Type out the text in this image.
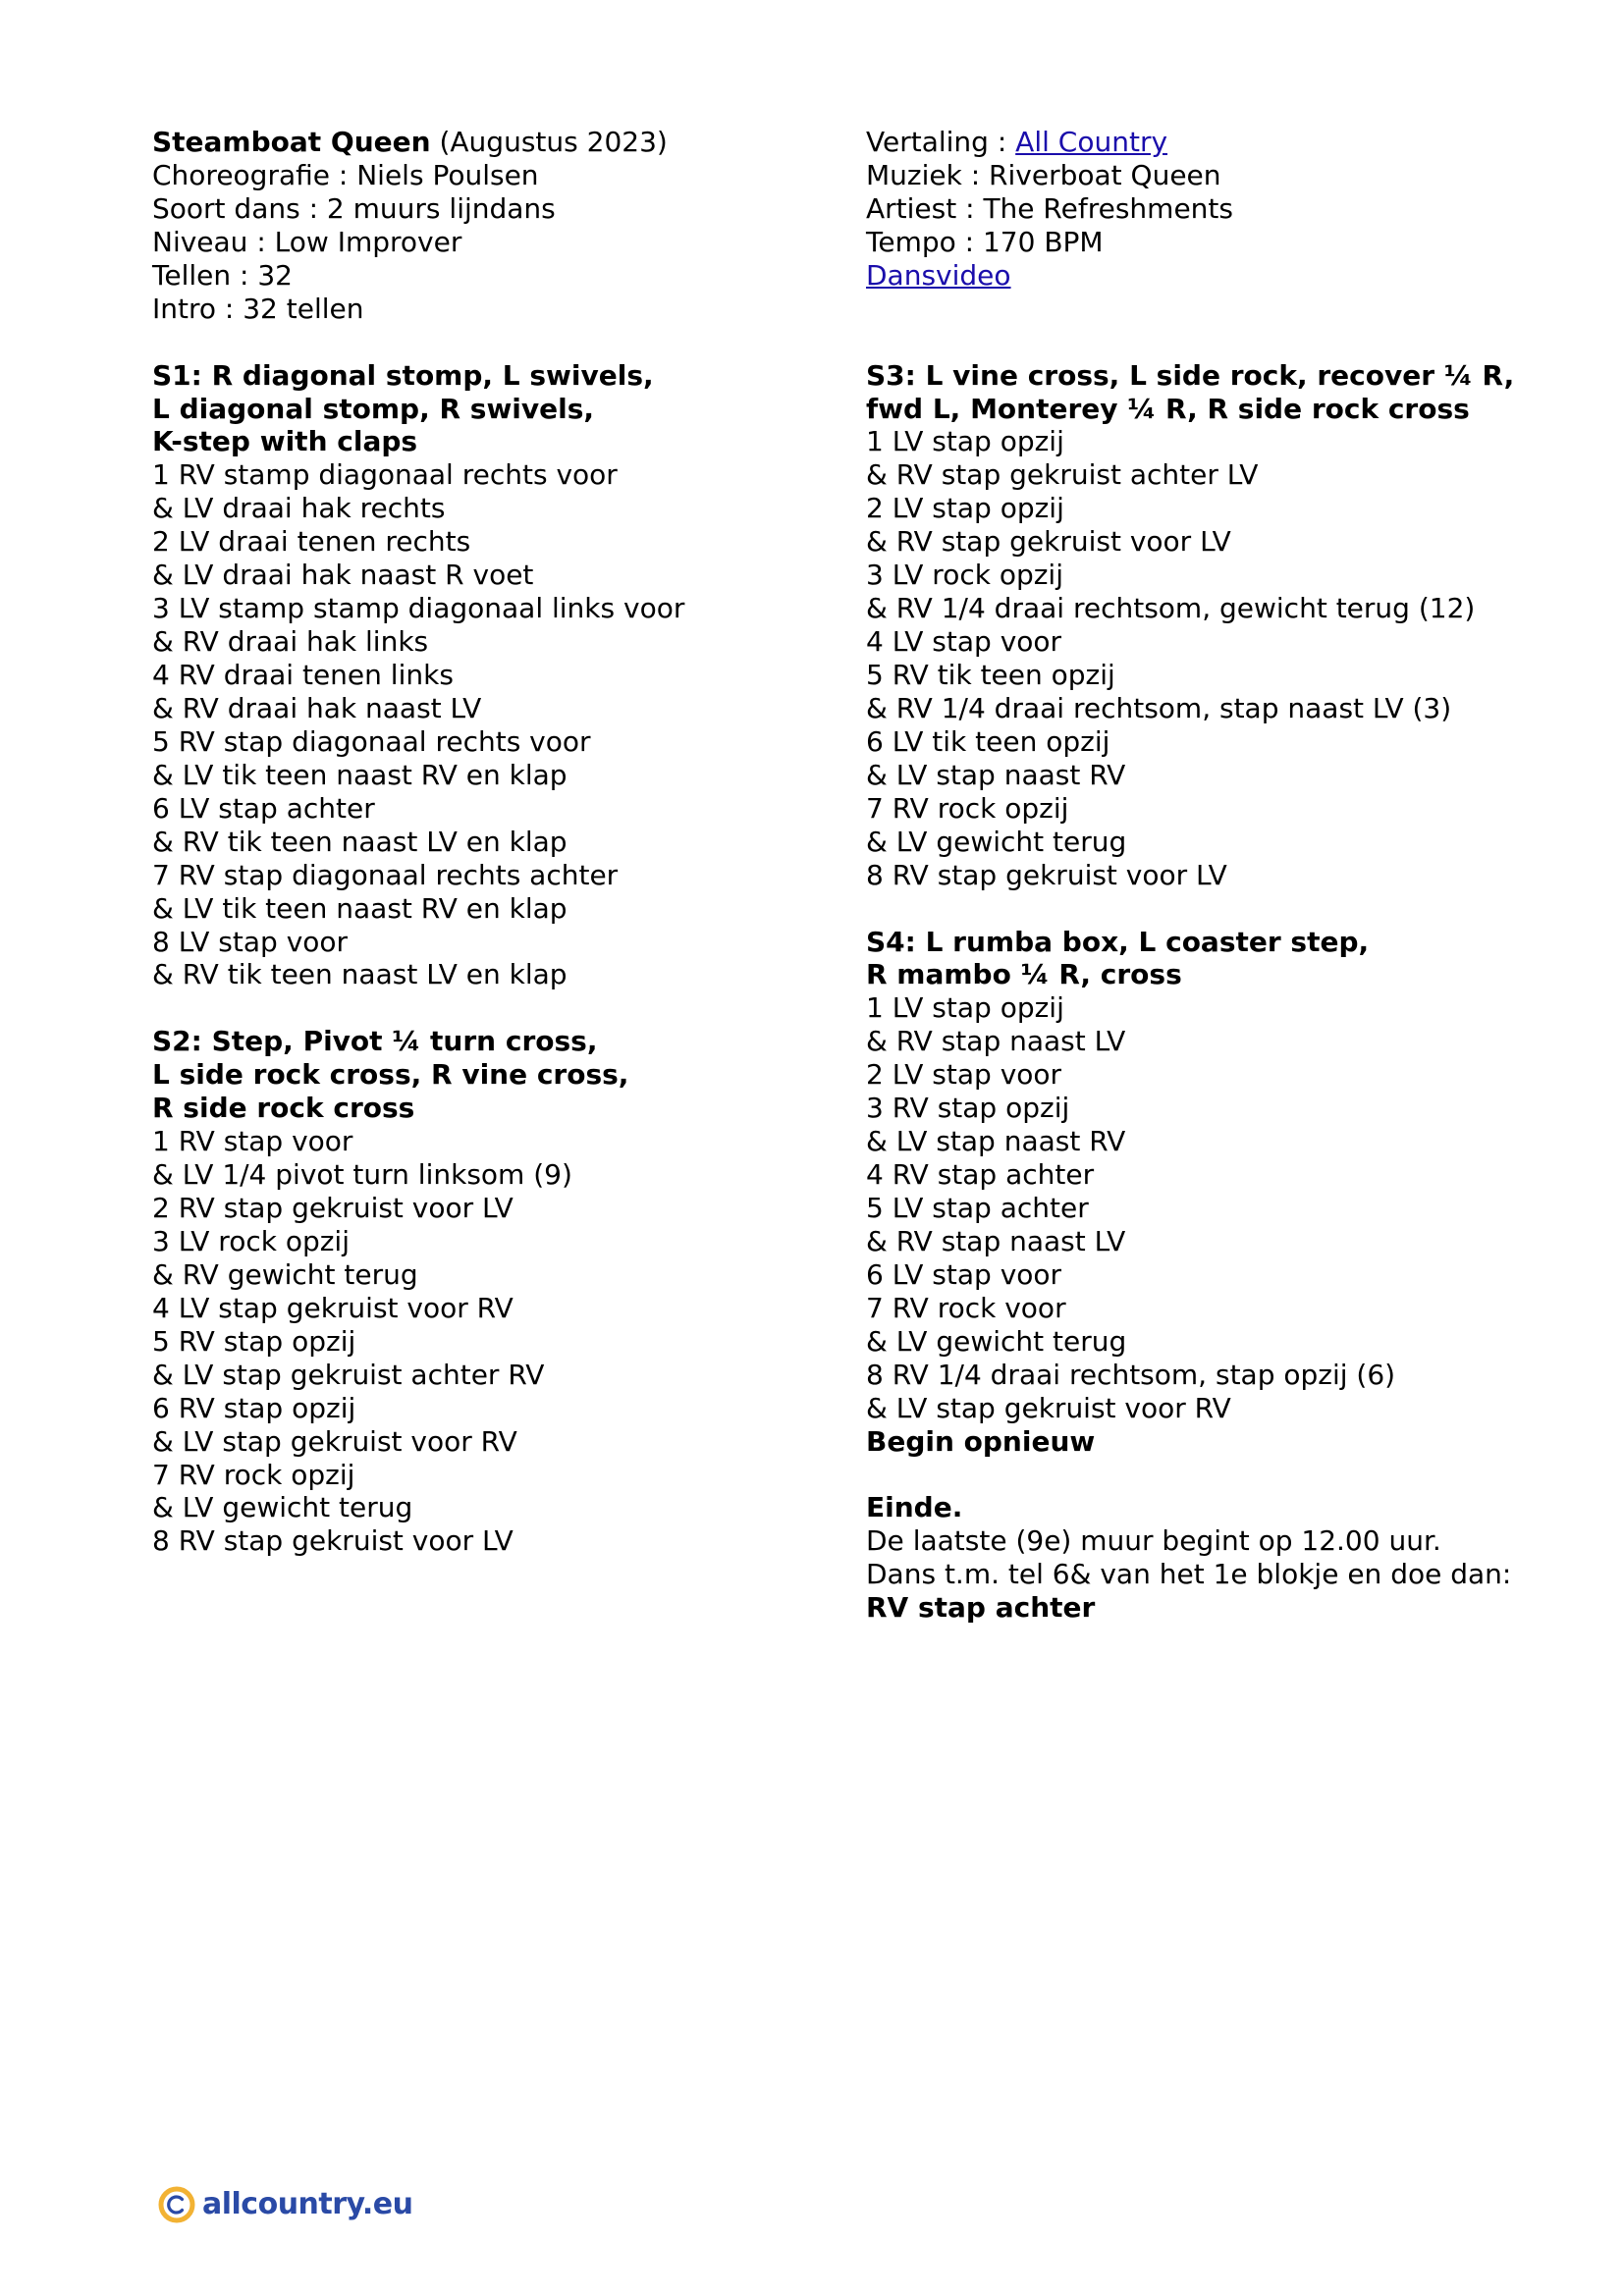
Steamboat Queen (Augustus 2023)
Choreografie : Niels Poulsen
Soort dans : 2 muurs lijndans
Niveau : Low Improver
Tellen : 32
Intro : 32 tellen
S1: R diagonal stomp, L swivels,
L diagonal stomp, R swivels,
K-step with claps
1 RV stamp diagonaal rechts voor
& LV draai hak rechts
2 LV draai tenen rechts
& LV draai hak naast R voet
3 LV stamp stamp diagonaal links voor
& RV draai hak links
4 RV draai tenen links
& RV draai hak naast LV
5 RV stap diagonaal rechts voor
& LV tik teen naast RV en klap
6 LV stap achter
& RV tik teen naast LV en klap
7 RV stap diagonaal rechts achter
& LV tik teen naast RV en klap
8 LV stap voor
& RV tik teen naast LV en klap
S2: Step, Pivot ¼ turn cross,
L side rock cross, R vine cross,
R side rock cross
1 RV stap voor
& LV 1/4 pivot turn linksom (9)
2 RV stap gekruist voor LV
3 LV rock opzij
& RV gewicht terug
4 LV stap gekruist voor RV
5 RV stap opzij
& LV stap gekruist achter RV
6 RV stap opzij
& LV stap gekruist voor RV
7 RV rock opzij
& LV gewicht terug
8 RV stap gekruist voor LV
Vertaling : All Country
Muziek : Riverboat Queen
Artiest : The Refreshments
Tempo : 170 BPM
Dansvideo
S3: L vine cross, L side rock, recover ¼ R,
fwd L, Monterey ¼ R, R side rock cross
1 LV stap opzij
& RV stap gekruist achter LV
2 LV stap opzij
& RV stap gekruist voor LV
3 LV rock opzij
& RV 1/4 draai rechtsom, gewicht terug (12)
4 LV stap voor
5 RV tik teen opzij
& RV 1/4 draai rechtsom, stap naast LV (3)
6 LV tik teen opzij
& LV stap naast RV
7 RV rock opzij
& LV gewicht terug
8 RV stap gekruist voor LV
S4: L rumba box, L coaster step,
R mambo ¼ R, cross
1 LV stap opzij
& RV stap naast LV
2 LV stap voor
3 RV stap opzij
& LV stap naast RV
4 RV stap achter
5 LV stap achter
& RV stap naast LV
6 LV stap voor
7 RV rock voor
& LV gewicht terug
8 RV 1/4 draai rechtsom, stap opzij (6)
& LV stap gekruist voor RV
Begin opnieuw
Einde.
De laatste (9e) muur begint op 12.00 uur.
Dans t.m. tel 6& van het 1e blokje en doe dan:
RV stap achter
allcountry.eu
